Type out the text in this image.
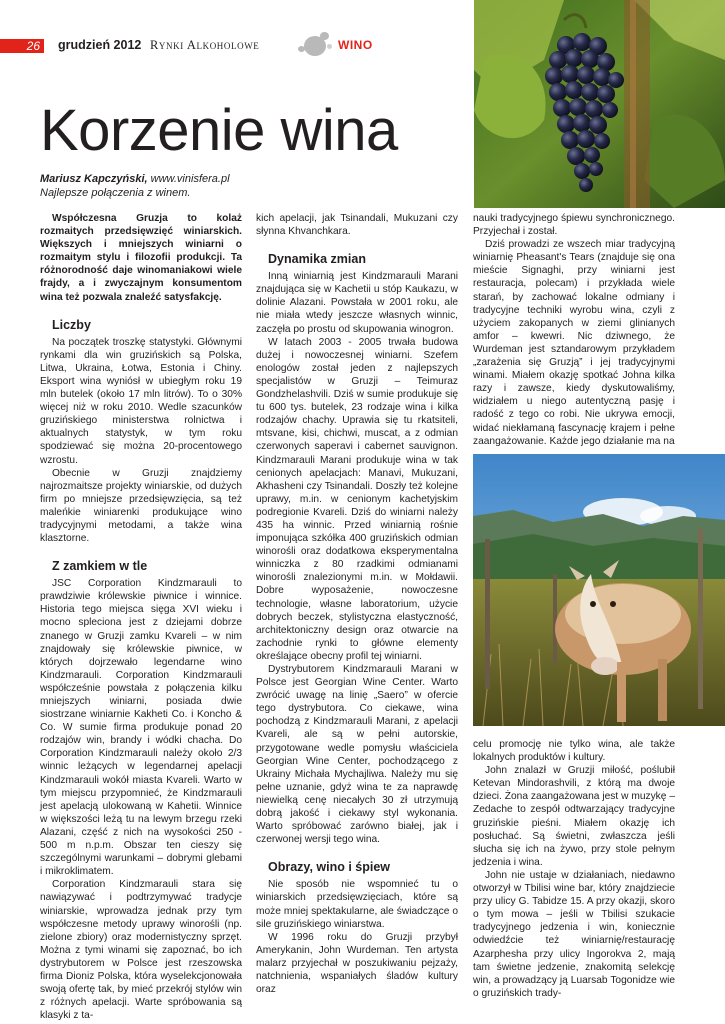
26	grudzień 2012 Rynki Alkoholowe	WINO
Korzenie wina
Mariusz Kapczyński, www.vinisfera.pl
Najlepsze połączenia z winem.

Współczesna Gruzja to kolaż rozmaitych przedsięwzięć winiarskich. Większych i mniejszych winiarni o rozmaitym stylu i filozofii produkcji. Ta różnorodność daje winomaniakowi wiele frajdy, a i zwyczajnym konsumentom wina też pozwala znaleźć satysfakcję.

Liczby

Na początek troszkę statystyki. Głównymi rynkami dla win gruzińskich są Polska, Litwa, Ukraina, Łotwa, Estonia i Chiny. Eksport wina wyniósł w ubiegłym roku 19 mln butelek (około 17 mln litrów). To o 30% więcej niż w roku 2010. Wedle szacunków gruzińskiego ministerstwa rolnictwa i aktualnych statystyk, w tym roku spodziewać się można 20-procentowego wzrostu.

Obecnie w Gruzji znajdziemy najrozmaitsze projekty winiarskie, od dużych firm po mniejsze przedsięwzięcia, są też maleńkie winiarenki produkujące wino tradycyjnymi metodami, a także wina klasztorne.

Z zamkiem w tle

JSC Corporation Kindzmarauli to prawdziwie królewskie piwnice i winnice. Historia tego miejsca sięga XVI wieku i mocno spleciona jest z dziejami dobrze znanego w Gruzji zamku Kvareli – w nim znajdowały się królewskie piwnice, w których dojrzewało legendarne wino Kindzmarauli. Corporation Kindzmarauli współcześnie powstała z połączenia kilku mniejszych winiarni, posiada dwie siostrzane winiarnie Kakheti Co. i Koncho & Co. W sumie firma produkuje ponad 20 rodzajów win, brandy i wódki chacha. Do Corporation Kindzmarauli należy około 2/3 winnic leżących w legendarnej apelacji Kindzmarauli wokół miasta Kvareli. Warto w tym miejscu przypomnieć, że Kindzmarauli jest apelacją ulokowaną w Kahetii. Winnice w większości leżą tu na lewym brzegu rzeki Alazani, część z nich na wysokości 250 - 500 m n.p.m. Obszar ten cieszy się szczególnymi warunkami – dobrymi glebami i mikroklimatem.

Corporation Kindzmarauli stara się nawiązywać i podtrzymywać tradycje winiarskie, wprowadza jednak przy tym współczesne metody uprawy winorośli (np. zielone zbiory) oraz modernistyczny sprzęt. Można z tymi winami się zapoznać, bo ich dystrybutorem w Polsce jest rzeszowska firma Dioniz Polska, która wyselekcjonowała swoją ofertę tak, by mieć przekrój stylów win z różnych apelacji. Warte spróbowania są klasyki z ta-

kich apelacji, jak Tsinandali, Mukuzani czy słynna Khvanchkara.

Dynamika zmian

Inną winiarnią jest Kindzmarauli Marani znajdująca się w Kachetii u stóp Kaukazu, w dolinie Alazani. Powstała w 2001 roku, ale nie miała wtedy jeszcze własnych winnic, zaczęła po prostu od skupowania winogron.

W latach 2003 - 2005 trwała budowa dużej i nowoczesnej winiarni. Szefem enologów został jeden z najlepszych specjalistów w Gruzji – Teimuraz Gondzhelashvili. Dziś w sumie produkuje się tu 600 tys. butelek, 23 rodzaje wina i kilka rodzajów chachy. Uprawia się tu rkatsiteli, mtsvane, kisi, chichwi, muscat, a z odmian czerwonych saperavi i cabernet sauvignon. Kindzmarauli Marani produkuje wina w tak cenionych apelacjach: Manavi, Mukuzani, Akhasheni czy Tsinandali. Doszły też kolejne uprawy, m.in. w cenionym kachetyjskim podregionie Kvareli. Dziś do winiarni należy 435 ha winnic. Przed winiarnią rośnie imponująca szkółka 400 gruzińskich odmian winorośli oraz dodatkowa eksperymentalna winniczka z 80 rzadkimi odmianami winorośli znalezionymi m.in. w Mołdawii. Dobre wyposażenie, nowoczesne technologie, własne laboratorium, użycie dobrych beczek, stylistyczna elastyczność, architektoniczny design oraz otwarcie na zachodnie rynki to główne elementy określające obecny profil tej winiarni.

Dystrybutorem Kindzmarauli Marani w Polsce jest Georgian Wine Center. Warto zwrócić uwagę na linię „Saero” w ofercie tego dystrybutora. Co ciekawe, wina pochodzą z Kindzmarauli Marani, z apelacji Kvareli, ale są w pełni autorskie, przygotowane wedle pomysłu właściciela Georgian Wine Center, pochodzącego z Ukrainy Michała Mychajliwa. Należy mu się pełne uznanie, gdyż wina te za naprawdę niewielką cenę niecałych 30 zł utrzymują dobrą jakość i ciekawy styl wykonania. Warto spróbować zarówno białej, jak i czerwonej wersji tego wina.

Obrazy, wino i śpiew

Nie sposób nie wspomnieć tu o winiarskich przedsięwzięciach, które są może mniej spektakularne, ale świadczące o sile gruzińskiego winiarstwa.

W 1996 roku do Gruzji przybył Amerykanin, John Wurdeman. Ten artysta malarz przyjechał w poszukiwaniu pejzaży, natchnienia, wspaniałych śladów kultury oraz

nauki tradycyjnego śpiewu synchronicznego. Przyjechał i został.

Dziś prowadzi ze wszech miar tradycyjną winiarnię Pheasant's Tears (znajduje się ona mieście Signaghi, przy winiarni jest restauracja, polecam) i przykłada wiele starań, by zachować lokalne odmiany i tradycyjne techniki wyrobu wina, czyli z użyciem zakopanych w ziemi glinianych amfor – kwewri. Nic dziwnego, że Wurdeman jest sztandarowym przykładem „zarażenia się Gruzją” i jej tradycyjnymi winami. Miałem okazję spotkać Johna kilka razy i zawsze, kiedy dyskutowaliśmy, widziałem u niego autentyczną pasję i radość z tego co robi. Nie ukrywa emocji, widać niekłamaną fascynację krajem i pełne zaangażowanie. Każde jego działanie ma na

celu promocję nie tylko wina, ale także lokalnych produktów i kultury.

John znalazł w Gruzji miłość, poślubił Ketevan Mindorashvili, z którą ma dwoje dzieci. Żona zaangażowana jest w muzykę – Zedache to zespół odtwarzający tradycyjne gruzińskie pieśni. Miałem okazję ich posłuchać. Są świetni, zwłaszcza jeśli słucha się ich na żywo, przy stole pełnym jedzenia i wina.

John nie ustaje w działaniach, niedawno otworzył w Tbilisi wine bar, który znajdziecie przy ulicy G. Tabidze 15. A przy okazji, skoro o tym mowa – jeśli w Tbilisi szukacie tradycyjnego jedzenia i win, koniecznie odwiedźcie też winiarnię/restaurację Azarphesha przy ulicy Ingorokva 2, mają tam świetne jedzenie, znakomitą selekcję win, a prowadzący ją Luarsab Togonidze wie o gruzińskich trady-
